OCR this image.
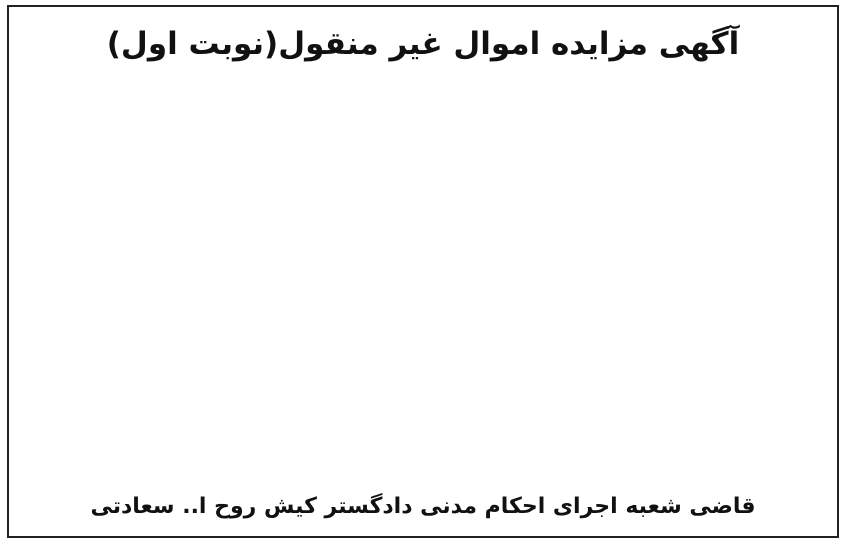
آگهی مزایده اموال غیر منقول(نوبت اول)

قاضی شعبه اجرای احکام مدنی دادگستر کیش روح ا.. سعادتی
